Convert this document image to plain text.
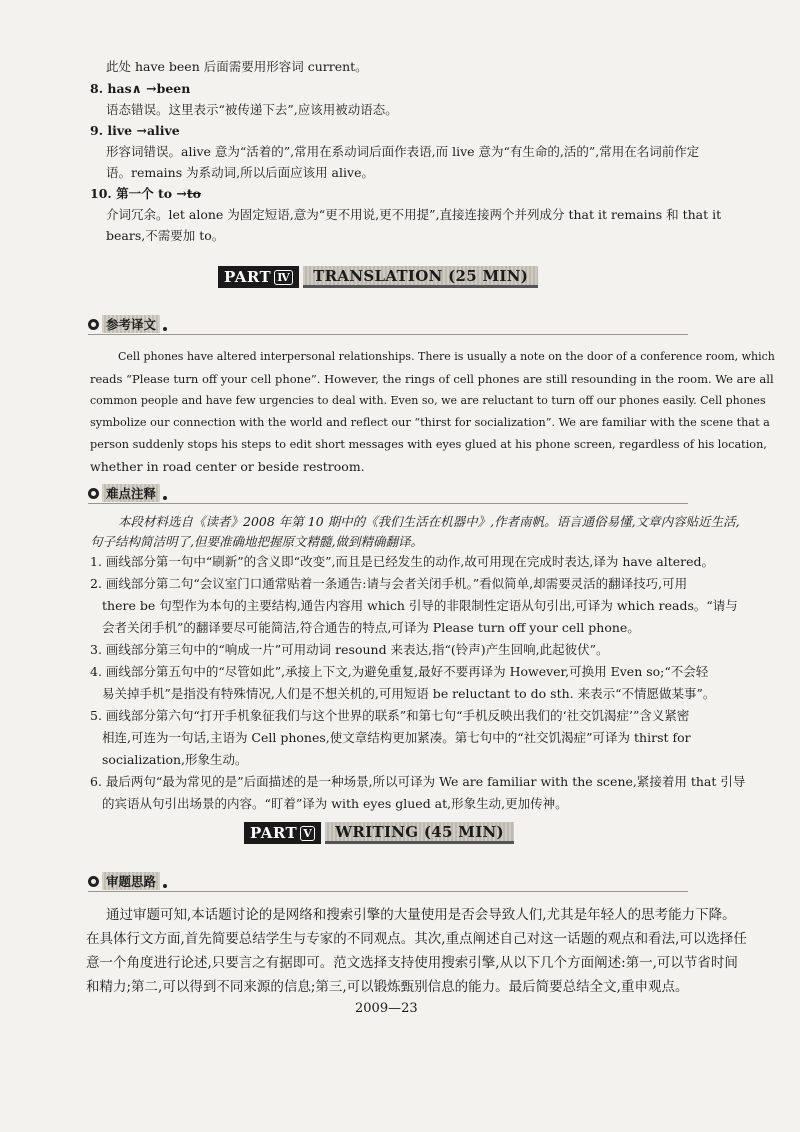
此处 have been 后面需要用形容词 current。
8. has∧ →been
语态错误。这里表示“被传递下去”,应该用被动语态。
9. live →alive
形容词错误。alive 意为“活着的”,常用在系动词后面作表语,而 live 意为“有生命的,活的”,常用在名词前作定
语。remains 为系动词,所以后面应该用 alive。
10. 第一个 to →to
介词冗余。let alone 为固定短语,意为“更不用说,更不用提”,直接连接两个并列成分 that it remains 和 that it
bears,不需要加 to。
PART Ⅳ	TRANSLATION (25 MIN)
参考译文
Cell phones have altered interpersonal relationships. There is usually a note on the door of a conference room, which
reads “Please turn off your cell phone”. However, the rings of cell phones are still resounding in the room. We are all
common people and have few urgencies to deal with. Even so, we are reluctant to turn off our phones easily. Cell phones
symbolize our connection with the world and reflect our “thirst for socialization”. We are familiar with the scene that a
person suddenly stops his steps to edit short messages with eyes glued at his phone screen, regardless of his location,
whether in road center or beside restroom.
难点注释
本段材料选自《读者》2008 年第 10 期中的《我们生活在机器中》,作者南帆。语言通俗易懂,文章内容贴近生活,
句子结构简洁明了,但要准确地把握原文精髓,做到精确翻译。
1. 画线部分第一句中“刷新”的含义即“改变”,而且是已经发生的动作,故可用现在完成时表达,译为 have altered。
2. 画线部分第二句“会议室门口通常贴着一条通告:请与会者关闭手机。”看似简单,却需要灵活的翻译技巧,可用
there be 句型作为本句的主要结构,通告内容用 which 引导的非限制性定语从句引出,可译为 which reads。“请与
会者关闭手机”的翻译要尽可能简洁,符合通告的特点,可译为 Please turn off your cell phone。
3. 画线部分第三句中的“响成一片”可用动词 resound 来表达,指“(铃声)产生回响,此起彼伏”。
4. 画线部分第五句中的“尽管如此”,承接上下文,为避免重复,最好不要再译为 However,可换用 Even so;“不会轻
易关掉手机”是指没有特殊情况,人们是不想关机的,可用短语 be reluctant to do sth. 来表示“不情愿做某事”。
5. 画线部分第六句“打开手机象征我们与这个世界的联系”和第七句“手机反映出我们的‘社交饥渴症’”含义紧密
相连,可连为一句话,主语为 Cell phones,使文章结构更加紧凑。第七句中的“社交饥渴症”可译为 thirst for
socialization,形象生动。
6. 最后两句“最为常见的是”后面描述的是一种场景,所以可译为 We are familiar with the scene,紧接着用 that 引导
的宾语从句引出场景的内容。“盯着”译为 with eyes glued at,形象生动,更加传神。
PART Ⅴ	WRITING (45 MIN)
审题思路
通过审题可知,本话题讨论的是网络和搜索引擎的大量使用是否会导致人们,尤其是年轻人的思考能力下降。
在具体行文方面,首先简要总结学生与专家的不同观点。其次,重点阐述自己对这一话题的观点和看法,可以选择任
意一个角度进行论述,只要言之有据即可。范文选择支持使用搜索引擎,从以下几个方面阐述:第一,可以节省时间
和精力;第二,可以得到不同来源的信息;第三,可以锻炼甄别信息的能力。最后简要总结全文,重申观点。
2009—23
